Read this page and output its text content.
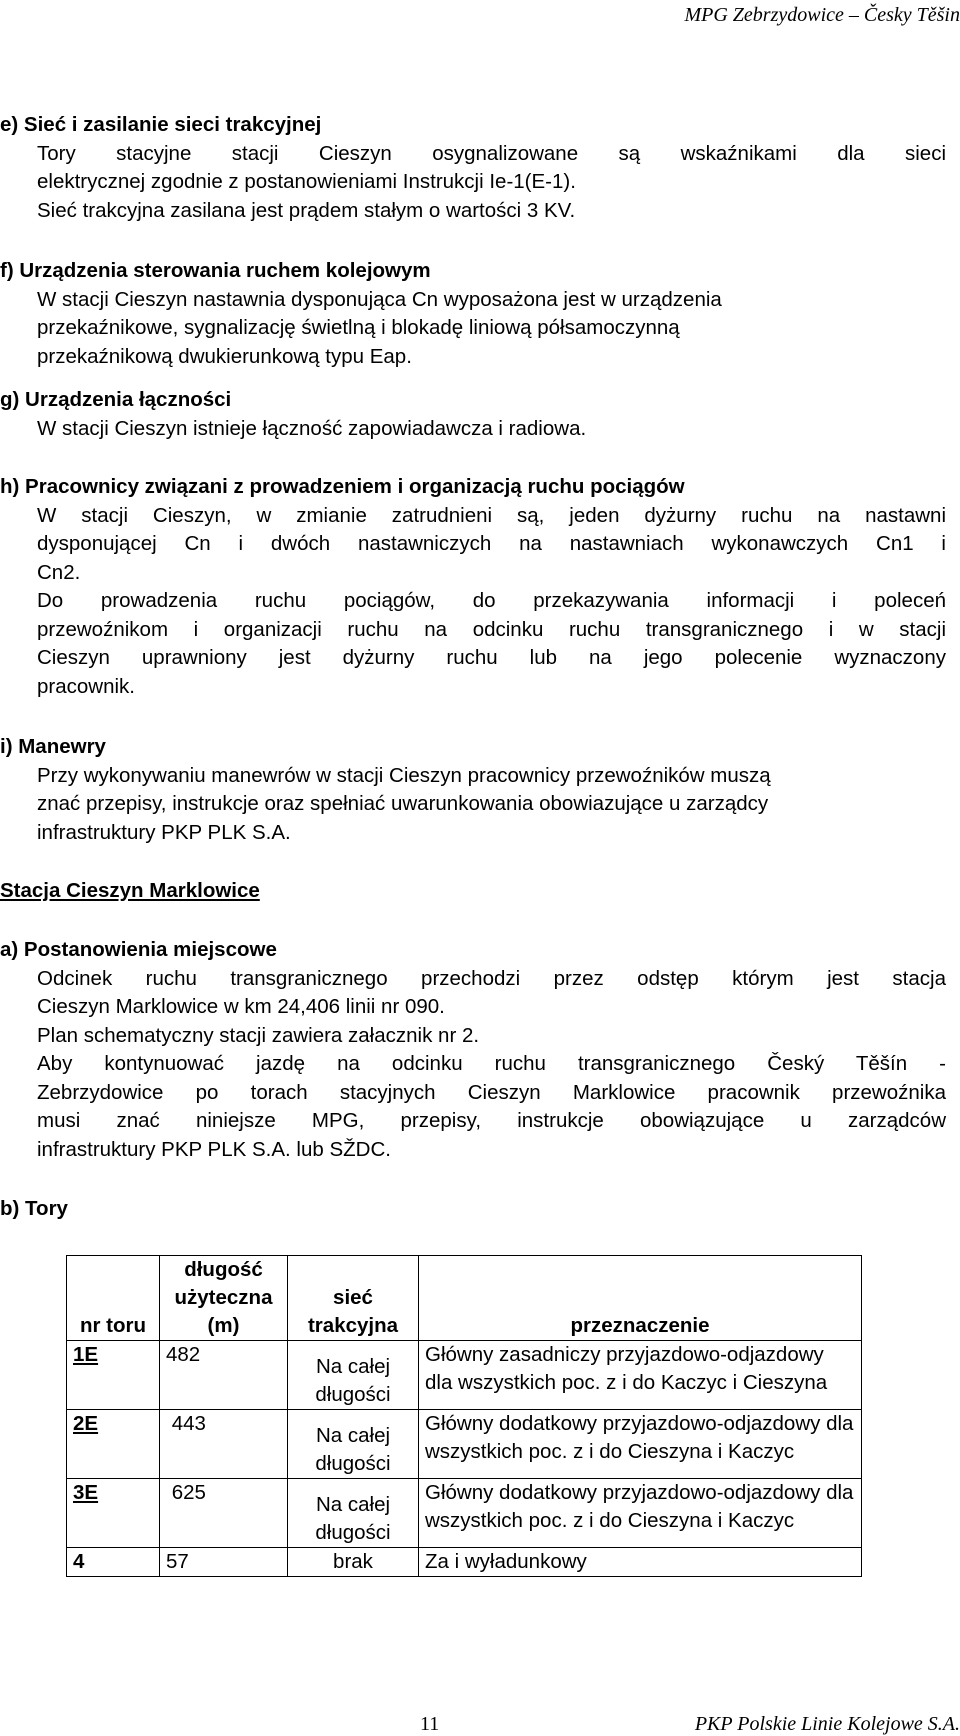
MPG Zebrzydowice – Česky Těšin
e) Sieć i zasilanie sieci trakcyjnej
Tory stacyjne stacji Cieszyn osygnalizowane są wskaźnikami dla sieci
elektrycznej zgodnie z postanowieniami Instrukcji Ie-1(E-1).
Sieć trakcyjna zasilana jest prądem stałym o wartości 3 KV.
f) Urządzenia sterowania ruchem kolejowym
W stacji Cieszyn nastawnia dysponująca Cn wyposażona jest w urządzenia
przekaźnikowe, sygnalizację świetlną i blokadę liniową półsamoczynną
przekaźnikową dwukierunkową typu Eap.
g) Urządzenia łączności
W stacji Cieszyn istnieje łączność zapowiadawcza i radiowa.
h) Pracownicy związani z prowadzeniem i organizacją ruchu pociągów
W stacji Cieszyn, w zmianie zatrudnieni są, jeden dyżurny ruchu na nastawni
dysponującej Cn i dwóch nastawniczych na nastawniach wykonawczych Cn1 i
Cn2.
Do prowadzenia ruchu pociągów, do przekazywania informacji i poleceń
przewoźnikom i organizacji ruchu na odcinku ruchu transgranicznego i w stacji
Cieszyn uprawniony jest dyżurny ruchu lub na jego polecenie wyznaczony
pracownik.
i) Manewry
Przy wykonywaniu manewrów w stacji Cieszyn pracownicy przewoźników muszą
znać przepisy, instrukcje oraz spełniać uwarunkowania obowiazujące u zarządcy
infrastruktury PKP PLK S.A.
Stacja Cieszyn Marklowice
a) Postanowienia miejscowe
Odcinek ruchu transgranicznego przechodzi przez odstęp którym jest stacja
Cieszyn Marklowice w km 24,406 linii nr 090.
Plan schematyczny stacji zawiera załacznik nr 2.
Aby kontynuować jazdę na odcinku ruchu transgranicznego Český Těšín -
Zebrzydowice po torach stacyjnych Cieszyn Marklowice pracownik przewoźnika
musi znać niniejsze MPG, przepisy, instrukcje obowiązujące u zarządców
infrastruktury PKP PLK S.A. lub SŽDC.
b) Tory
nr toru	długość użyteczna (m)	sieć trakcyjna	przeznaczenie
1E	482	Na całej długości	Główny zasadniczy przyjazdowo-odjazdowy dla wszystkich poc. z i do Kaczyc i Cieszyna
2E	443	Na całej długości	Główny dodatkowy przyjazdowo-odjazdowy dla wszystkich poc. z i do Cieszyna i Kaczyc
3E	625	Na całej długości	Główny dodatkowy przyjazdowo-odjazdowy dla wszystkich poc. z i do Cieszyna i Kaczyc
4	57	brak	Za i wyładunkowy
11	PKP Polskie Linie Kolejowe S.A.
